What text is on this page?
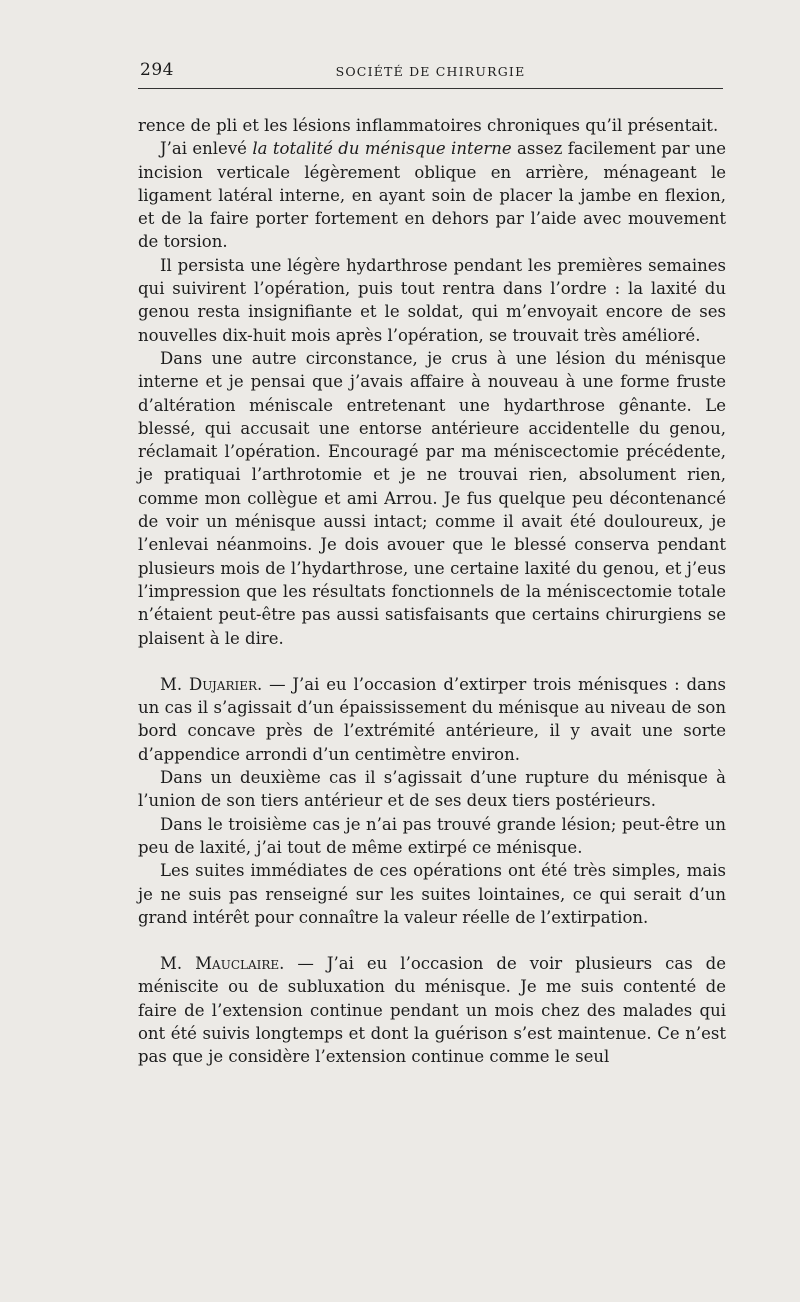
294	SOCIÉTÉ DE CHIRURGIE

rence de pli et les lésions inflammatoires chroniques qu’il présentait.

J’ai enlevé la totalité du ménisque interne assez facilement par une incision verticale légèrement oblique en arrière, ménageant le ligament latéral interne, en ayant soin de placer la jambe en flexion, et de la faire porter fortement en dehors par l’aide avec mouvement de torsion.

Il persista une légère hydarthrose pendant les premières semaines qui suivirent l’opération, puis tout rentra dans l’ordre : la laxité du genou resta insignifiante et le soldat, qui m’envoyait encore de ses nouvelles dix-huit mois après l’opération, se trouvait très amélioré.

Dans une autre circonstance, je crus à une lésion du ménisque interne et je pensai que j’avais affaire à nouveau à une forme fruste d’altération méniscale entretenant une hydarthrose gênante. Le blessé, qui accusait une entorse antérieure accidentelle du genou, réclamait l’opération. Encouragé par ma méniscectomie précédente, je pratiquai l’arthrotomie et je ne trouvai rien, absolument rien, comme mon collègue et ami Arrou. Je fus quelque peu décontenancé de voir un ménisque aussi intact; comme il avait été douloureux, je l’enlevai néanmoins. Je dois avouer que le blessé conserva pendant plusieurs mois de l’hydarthrose, une certaine laxité du genou, et j’eus l’impression que les résultats fonctionnels de la méniscectomie totale n’étaient peut-être pas aussi satisfaisants que certains chirurgiens se plaisent à le dire.

M. Dujarier. — J’ai eu l’occasion d’extirper trois ménisques : dans un cas il s’agissait d’un épaississement du ménisque au niveau de son bord concave près de l’extrémité antérieure, il y avait une sorte d’appendice arrondi d’un centimètre environ.

Dans un deuxième cas il s’agissait d’une rupture du ménisque à l’union de son tiers antérieur et de ses deux tiers postérieurs.

Dans le troisième cas je n’ai pas trouvé grande lésion; peut-être un peu de laxité, j’ai tout de même extirpé ce ménisque.

Les suites immédiates de ces opérations ont été très simples, mais je ne suis pas renseigné sur les suites lointaines, ce qui serait d’un grand intérêt pour connaître la valeur réelle de l’extirpation.

M. Mauclaire. — J’ai eu l’occasion de voir plusieurs cas de méniscite ou de subluxation du ménisque. Je me suis contenté de faire de l’extension continue pendant un mois chez des malades qui ont été suivis longtemps et dont la guérison s’est maintenue. Ce n’est pas que je considère l’extension continue comme le seul
